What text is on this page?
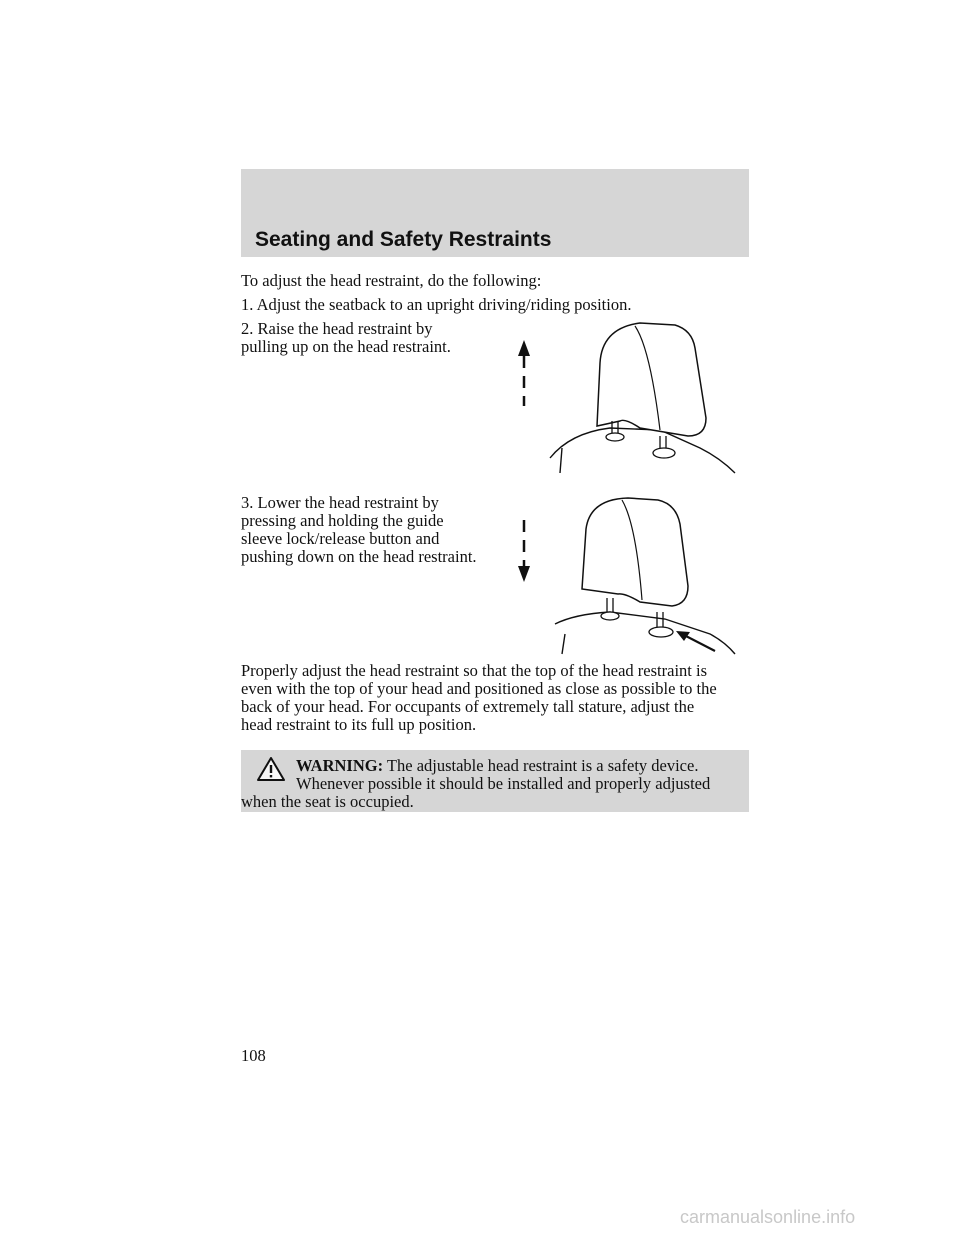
Seating and Safety Restraints
To adjust the head restraint, do the following:
1. Adjust the seatback to an upright driving/riding position.
2. Raise the head restraint by
pulling up on the head restraint.
3. Lower the head restraint by
pressing and holding the guide
sleeve lock/release button and
pushing down on the head restraint.
Properly adjust the head restraint so that the top of the head restraint is
even with the top of your head and positioned as close as possible to the
back of your head. For occupants of extremely tall stature, adjust the
head restraint to its full up position.
WARNING: The adjustable head restraint is a safety device.
Whenever possible it should be installed and properly adjusted
when the seat is occupied.
108
carmanualsonline.info
